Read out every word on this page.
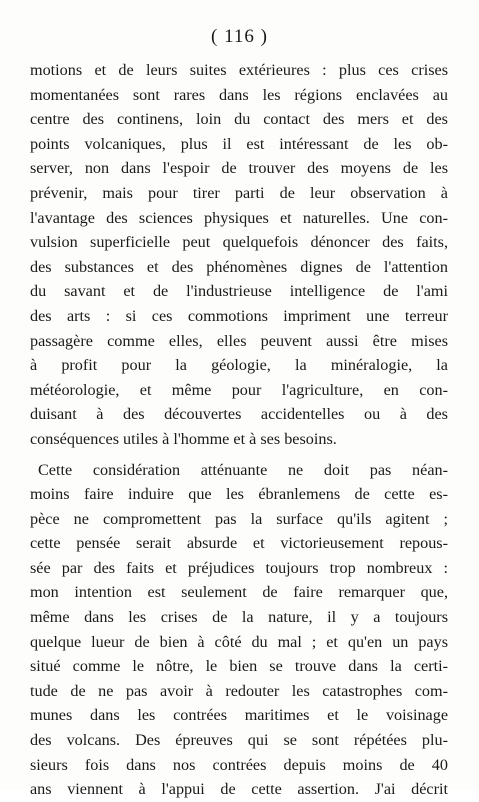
( 116 )

motions et de leurs suites extérieures : plus ces crises
momentanées sont rares dans les régions enclavées au
centre des continens, loin du contact des mers et des
points volcaniques, plus il est intéressant de les ob-
server, non dans l'espoir de trouver des moyens de les
prévenir, mais pour tirer parti de leur observation à
l'avantage des sciences physiques et naturelles. Une con-
vulsion superficielle peut quelquefois dénoncer des faits,
des substances et des phénomènes dignes de l'attention
du savant et de l'industrieuse intelligence de l'ami
des arts : si ces commotions impriment une terreur
passagère comme elles, elles peuvent aussi être mises
à profit pour la géologie, la minéralogie, la
météorologie, et même pour l'agriculture, en con-
duisant à des découvertes accidentelles ou à des
conséquences utiles à l'homme et à ses besoins.

Cette considération atténuante ne doit pas néan-
moins faire induire que les ébranlemens de cette es-
pèce ne compromettent pas la surface qu'ils agitent ;
cette pensée serait absurde et victorieusement repous-
sée par des faits et préjudices toujours trop nombreux :
mon intention est seulement de faire remarquer que,
même dans les crises de la nature, il y a toujours
quelque lueur de bien à côté du mal ; et qu'en un pays
situé comme le nôtre, le bien se trouve dans la certi-
tude de ne pas avoir à redouter les catastrophes com-
munes dans les contrées maritimes et le voisinage
des volcans. Des épreuves qui se sont répétées plu-
sieurs fois dans nos contrées depuis moins de 40
ans viennent à l'appui de cette assertion. J'ai décrit
